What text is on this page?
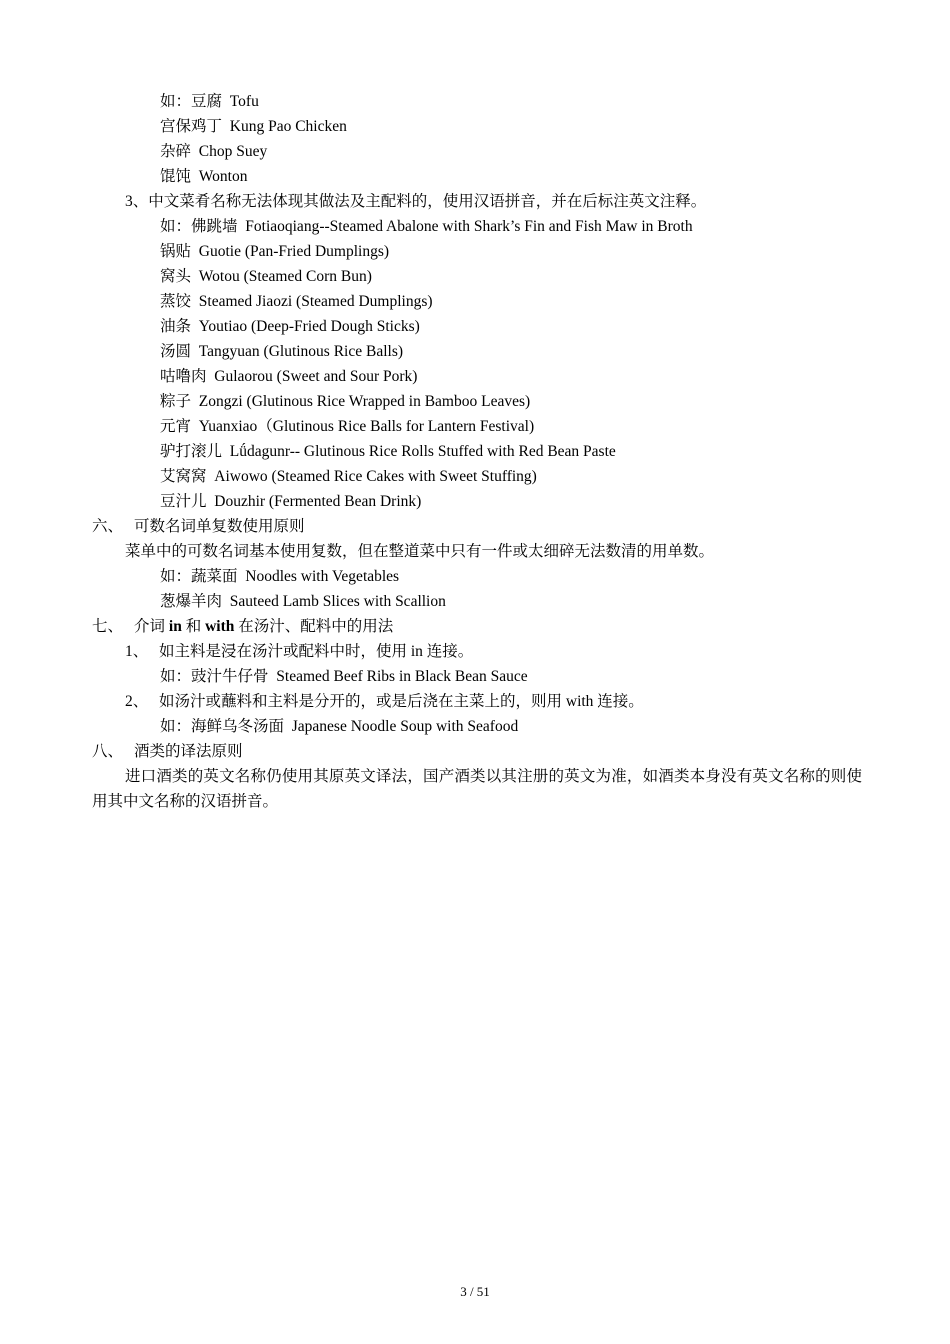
如：豆腐 Tofu
宫保鸡丁 Kung Pao Chicken
杂碎 Chop Suey
馄饨 Wonton
3、中文菜肴名称无法体现其做法及主配料的，使用汉语拼音，并在后标注英文注释。
如：佛跳墙 Fotiaoqiang--Steamed Abalone with Shark’s Fin and Fish Maw in Broth
锅贴 Guotie (Pan-Fried Dumplings)
窝头 Wotou (Steamed Corn Bun)
蒸饺 Steamed Jiaozi (Steamed Dumplings)
油条 Youtiao (Deep-Fried Dough Sticks)
汤圆 Tangyuan (Glutinous Rice Balls)
咕噜肉 Gulaorou (Sweet and Sour Pork)
粽子 Zongzi (Glutinous Rice Wrapped in Bamboo Leaves)
元宵 Yuanxiao（Glutinous Rice Balls for Lantern Festival)
驴打滚儿 Lǘdagunr-- Glutinous Rice Rolls Stuffed with Red Bean Paste
艾窝窝 Aiwowo (Steamed Rice Cakes with Sweet Stuffing)
豆汁儿 Douzhir (Fermented Bean Drink)
六、 可数名词单复数使用原则
菜单中的可数名词基本使用复数，但在整道菜中只有一件或太细碎无法数清的用单数。
如：蔬菜面 Noodles with Vegetables
葱爆羊肉 Sauteed Lamb Slices with Scallion
七、 介词 in 和 with 在汤汁、配料中的用法
1、 如主料是浸在汤汁或配料中时，使用 in 连接。
如：豉汁牛仔骨 Steamed Beef Ribs in Black Bean Sauce
2、 如汤汁或蘸料和主料是分开的，或是后浇在主菜上的，则用 with 连接。
如：海鲜乌冬汤面 Japanese Noodle Soup with Seafood
八、 酒类的译法原则
进口酒类的英文名称仍使用其原英文译法，国产酒类以其注册的英文为准，如酒类本身没有英文名称的则使用其中文名称的汉语拼音。
3 / 51
